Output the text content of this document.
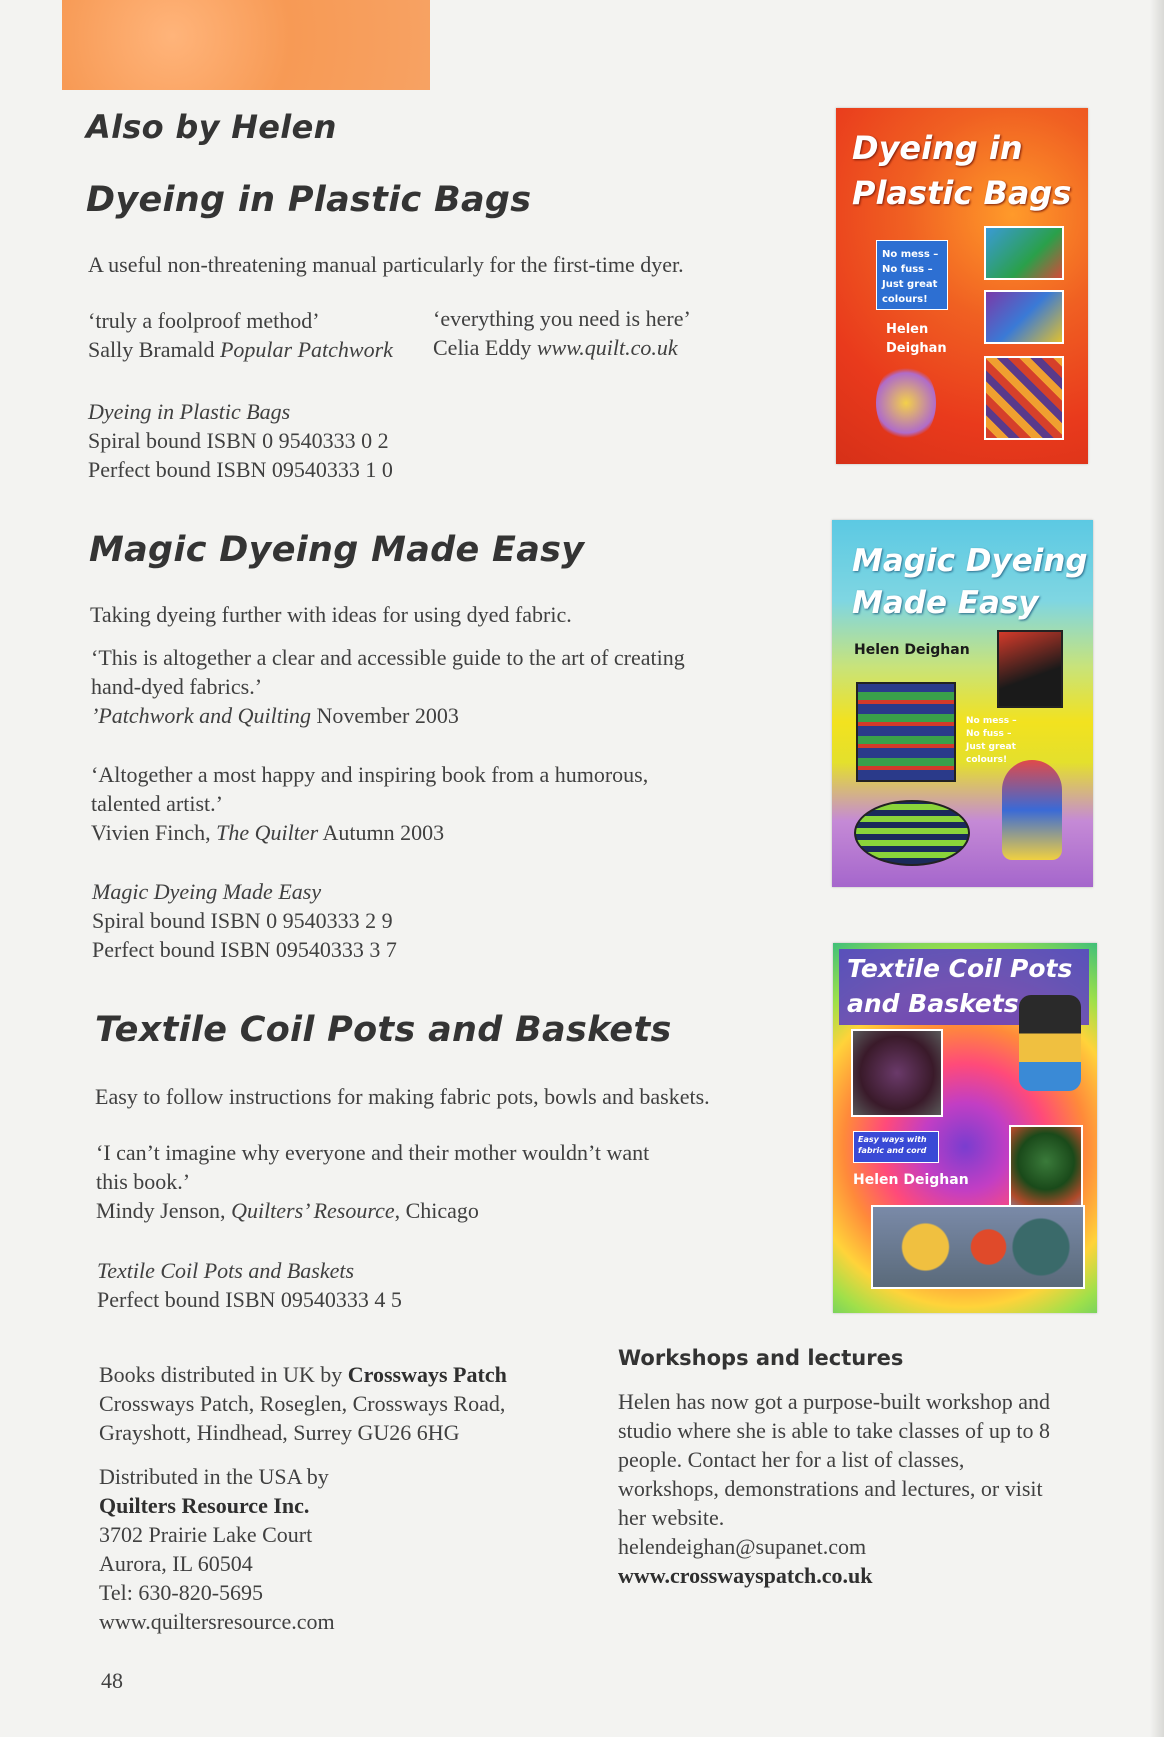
Also by Helen
Dyeing in Plastic Bags

A useful non-threatening manual particularly for the first-time dyer.

‘truly a foolproof method’
Sally Bramald Popular Patchwork
‘everything you need is here’
Celia Eddy www.quilt.co.uk
Dyeing in Plastic Bags
Spiral bound ISBN 0 9540333 0 2
Perfect bound ISBN 09540333 1 0
Magic Dyeing Made Easy

Taking dyeing further with ideas for using dyed fabric.

‘This is altogether a clear and accessible guide to the art of creating
hand-dyed fabrics.’
’Patchwork and Quilting November 2003
‘Altogether a most happy and inspiring book from a humorous,
talented artist.’
Vivien Finch, The Quilter Autumn 2003
Magic Dyeing Made Easy
Spiral bound ISBN 0 9540333 2 9
Perfect bound ISBN 09540333 3 7
Textile Coil Pots and Baskets

Easy to follow instructions for making fabric pots, bowls and baskets.

‘I can’t imagine why everyone and their mother wouldn’t want
this book.’
Mindy Jenson, Quilters’ Resource, Chicago
Textile Coil Pots and Baskets
Perfect bound ISBN 09540333 4 5
Books distributed in UK by Crossways Patch
Crossways Patch, Roseglen, Crossways Road,
Grayshott, Hindhead, Surrey GU26 6HG
Distributed in the USA by
Quilters Resource Inc.
3702 Prairie Lake Court
Aurora, IL 60504
Tel: 630-820-5695
www.quiltersresource.com
Workshops and lectures
Helen has now got a purpose-built workshop and
studio where she is able to take classes of up to 8
people. Contact her for a list of classes,
workshops, demonstrations and lectures, or visit
her website.
helendeighan@supanet.com
www.crosswayspatch.co.uk

48

Dyeing in
Plastic Bags

No mess –
No fuss –
Just great
colours!

Helen
Deighan

Magic Dyeing
Made Easy

Helen Deighan

No mess –
No fuss –
Just great
colours!

Textile Coil Pots
and Baskets

Easy ways with
fabric and cord

Helen Deighan
